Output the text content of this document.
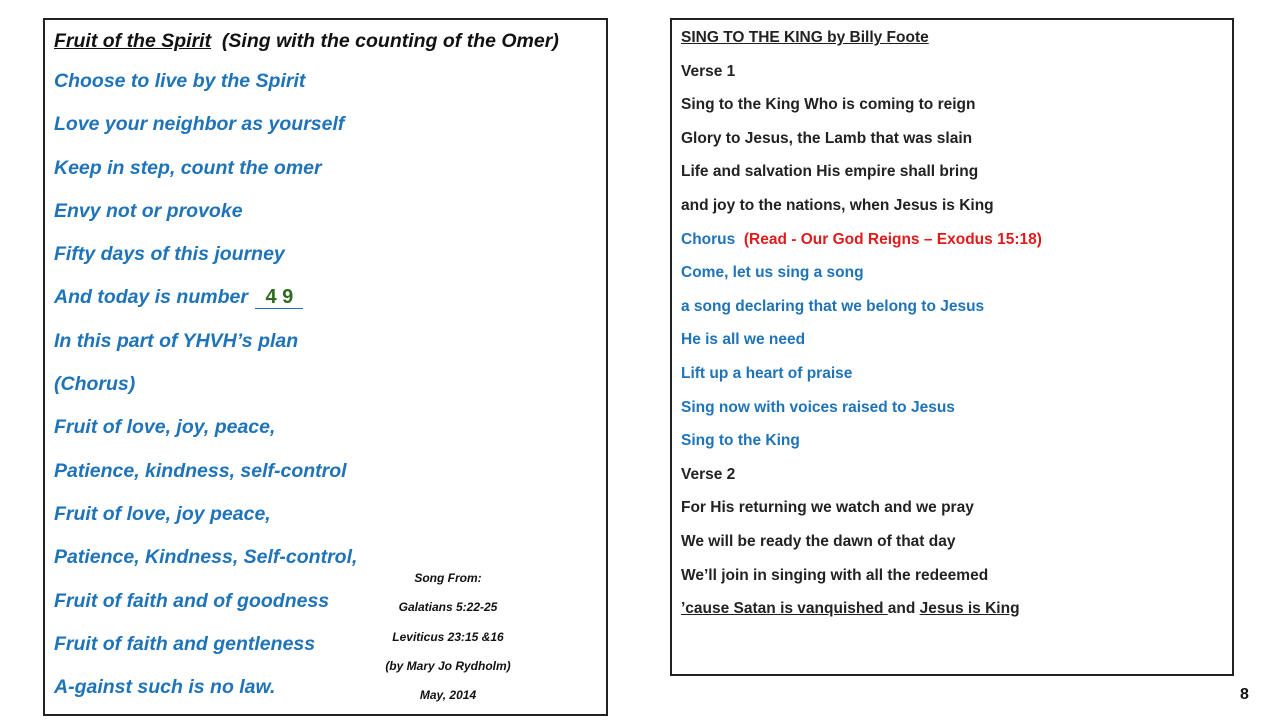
Fruit of the Spirit (Sing with the counting of the Omer)

Choose to live by the Spirit
Love your neighbor as yourself
Keep in step, count the omer
Envy not or provoke
Fifty days of this journey
And today is number 4 9
In this part of YHVH’s plan
(Chorus)
Fruit of love, joy, peace,
Patience, kindness, self-control
Fruit of love, joy peace,
Patience, Kindness, Self-control,
Fruit of faith and of goodness
Fruit of faith and gentleness
A-gainst such is no law.
Song From:
Galatians 5:22-25
Leviticus 23:15 &16
(by Mary Jo Rydholm)
May, 2014
SING TO THE KING by Billy Foote
Verse 1
Sing to the King Who is coming to reign
Glory to Jesus, the Lamb that was slain
Life and salvation His empire shall bring
and joy to the nations, when Jesus is King
Chorus (Read - Our God Reigns – Exodus 15:18)
Come, let us sing a song
a song declaring that we belong to Jesus
He is all we need
Lift up a heart of praise
Sing now with voices raised to Jesus
Sing to the King
Verse 2
For His returning we watch and we pray
We will be ready the dawn of that day
We’ll join in singing with all the redeemed
’cause Satan is vanquished and Jesus is King
8
